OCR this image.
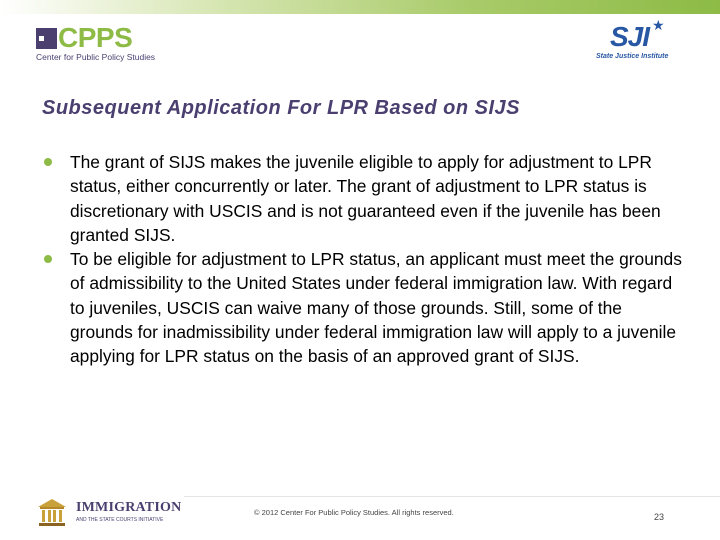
CPPS
Center for Public Policy Studies
SJI ★
State Justice Institute
Subsequent Application For LPR Based on SIJS
The grant of SIJS makes the juvenile eligible to apply for adjustment to LPR status, either concurrently or later. The grant of adjustment to LPR status is discretionary with USCIS and is not guaranteed even if the juvenile has been granted SIJS.
To be eligible for adjustment to LPR status, an applicant must meet the grounds of admissibility to the United States under federal immigration law. With regard to juveniles, USCIS can waive many of those grounds. Still, some of the grounds for inadmissibility under federal immigration law will apply to a juvenile applying for LPR status on the basis of an approved grant of SIJS.
IMMIGRATION
AND THE STATE COURTS INITIATIVE
© 2012 Center For Public Policy Studies. All rights reserved.	23
